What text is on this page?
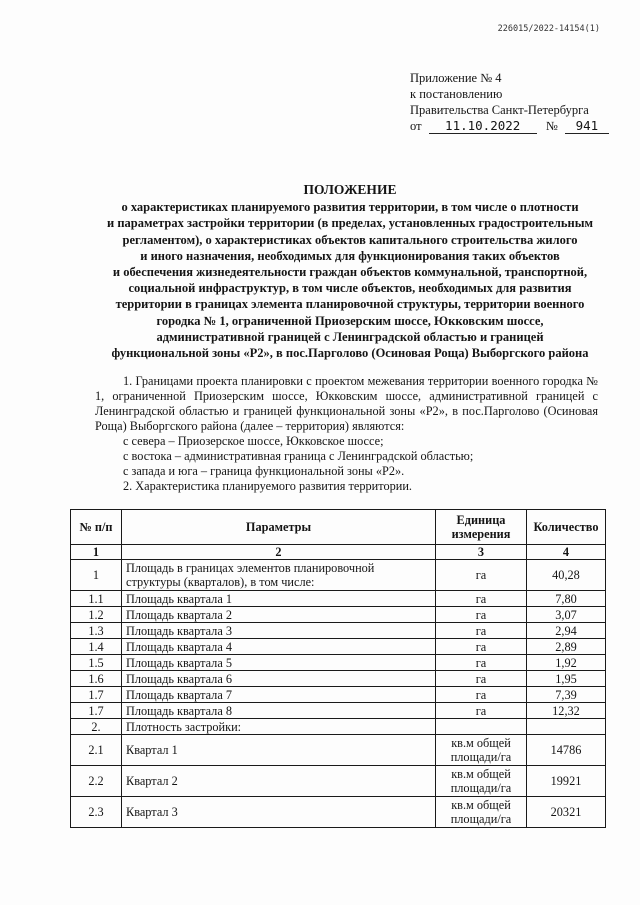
226015/2022-14154(1)
Приложение № 4
к постановлению
Правительства Санкт-Петербурга
от 11.10.2022 № 941
ПОЛОЖЕНИЕ
о характеристиках планируемого развития территории, в том числе о плотности
и параметрах застройки территории (в пределах, установленных градостроительным
регламентом), о характеристиках объектов капитального строительства жилого
и иного назначения, необходимых для функционирования таких объектов
и обеспечения жизнедеятельности граждан объектов коммунальной, транспортной,
социальной инфраструктур, в том числе объектов, необходимых для развития
территории в границах элемента планировочной структуры, территории военного
городка № 1, ограниченной Приозерским шоссе, Юкковским шоссе,
административной границей с Ленинградской областью и границей
функциональной зоны «Р2», в пос.Парголово (Осиновая Роща) Выборгского района

1. Границами проекта планировки с проектом межевания территории военного городка № 1, ограниченной Приозерским шоссе, Юкковским шоссе, административной границей с Ленинградской областью и границей функциональной зоны «Р2», в пос.Парголово (Осиновая Роща) Выборгского района (далее – территория) являются:

с севера – Приозерское шоссе, Юкковское шоссе;

с востока – административная граница с Ленинградской областью;

с запада и юга – граница функциональной зоны «Р2».

2. Характеристика планируемого развития территории.

№ п/п	Параметры	Единица измерения	Количество
1	2	3	4
1	Площадь в границах элементов планировочной структуры (кварталов), в том числе:	га	40,28
1.1	Площадь квартала 1	га	7,80
1.2	Площадь квартала 2	га	3,07
1.3	Площадь квартала 3	га	2,94
1.4	Площадь квартала 4	га	2,89
1.5	Площадь квартала 5	га	1,92
1.6	Площадь квартала 6	га	1,95
1.7	Площадь квартала 7	га	7,39
1.7	Площадь квартала 8	га	12,32
2.	Плотность застройки:		
2.1	Квартал 1	кв.м общей площади/га	14786
2.2	Квартал 2	кв.м общей площади/га	19921
2.3	Квартал 3	кв.м общей площади/га	20321
